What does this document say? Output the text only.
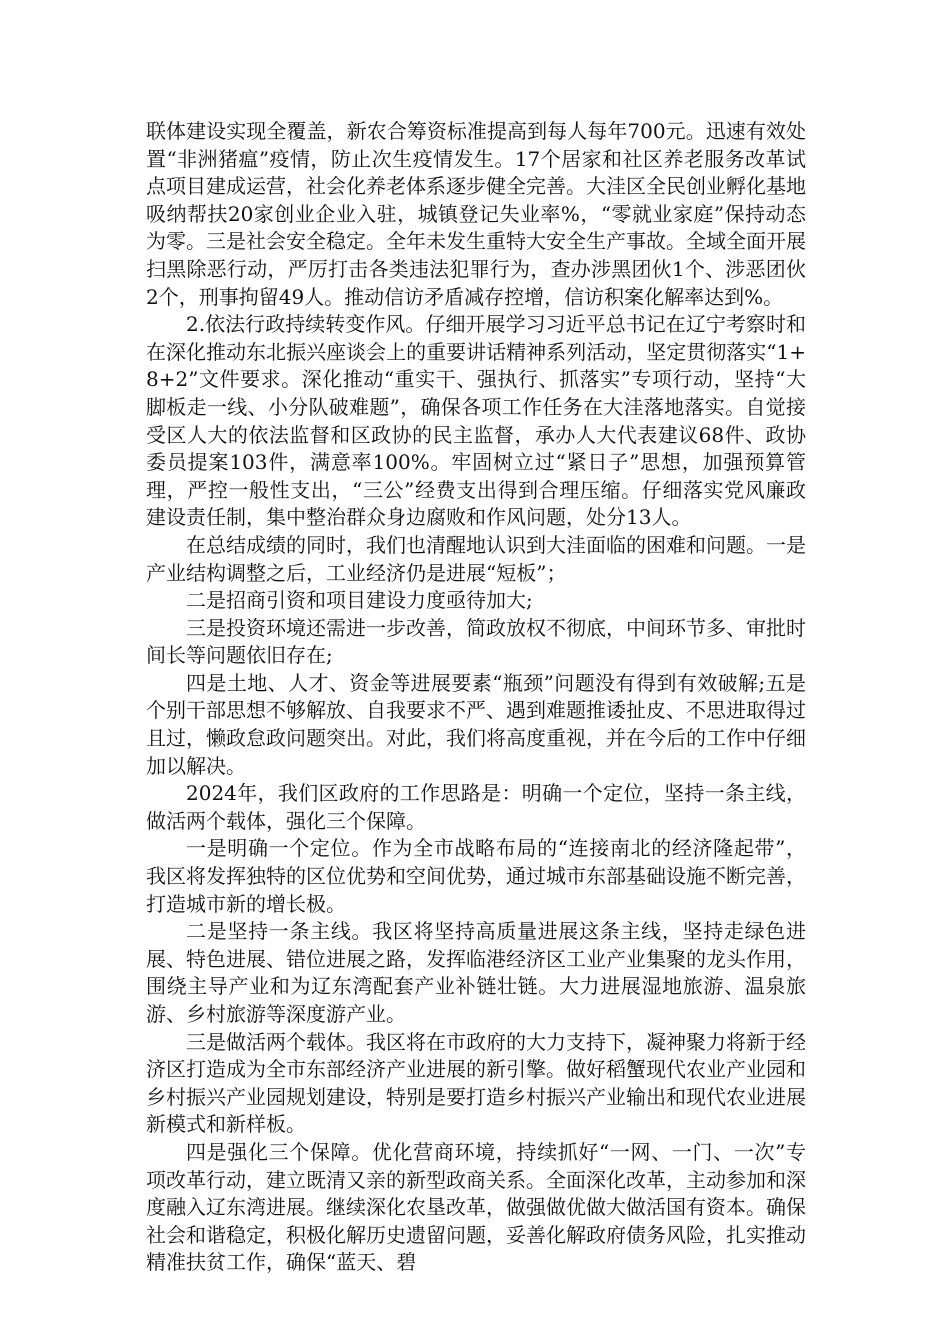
联体建设实现全覆盖，新农合筹资标准提高到每人每年700元。迅速有效处置“非洲猪瘟”疫情，防止次生疫情发生。17个居家和社区养老服务改革试点项目建成运营，社会化养老体系逐步健全完善。大洼区全民创业孵化基地吸纳帮扶20家创业企业入驻，城镇登记失业率%，“零就业家庭”保持动态为零。三是社会安全稳定。全年未发生重特大安全生产事故。全域全面开展扫黑除恶行动，严厉打击各类违法犯罪行为，查办涉黑团伙1个、涉恶团伙2个，刑事拘留49人。推动信访矛盾减存控增，信访积案化解率达到%。

2.依法行政持续转变作风。仔细开展学习习近平总书记在辽宁考察时和在深化推动东北振兴座谈会上的重要讲话精神系列活动，坚定贯彻落实“1+8+2”文件要求。深化推动“重实干、强执行、抓落实”专项行动，坚持“大脚板走一线、小分队破难题”，确保各项工作任务在大洼落地落实。自觉接受区人大的依法监督和区政协的民主监督，承办人大代表建议68件、政协委员提案103件，满意率100%。牢固树立过“紧日子”思想，加强预算管理，严控一般性支出，“三公”经费支出得到合理压缩。仔细落实党风廉政建设责任制，集中整治群众身边腐败和作风问题，处分13人。

在总结成绩的同时，我们也清醒地认识到大洼面临的困难和问题。一是产业结构调整之后，工业经济仍是进展“短板”；

二是招商引资和项目建设力度亟待加大;

三是投资环境还需进一步改善，简政放权不彻底，中间环节多、审批时间长等问题依旧存在;

四是土地、人才、资金等进展要素“瓶颈”问题没有得到有效破解;五是个别干部思想不够解放、自我要求不严、遇到难题推诿扯皮、不思进取得过且过，懒政怠政问题突出。对此，我们将高度重视，并在今后的工作中仔细加以解决。

2024年，我们区政府的工作思路是：明确一个定位，坚持一条主线，做活两个载体，强化三个保障。

一是明确一个定位。作为全市战略布局的“连接南北的经济隆起带”，我区将发挥独特的区位优势和空间优势，通过城市东部基础设施不断完善，打造城市新的增长极。

二是坚持一条主线。我区将坚持高质量进展这条主线，坚持走绿色进展、特色进展、错位进展之路，发挥临港经济区工业产业集聚的龙头作用，围绕主导产业和为辽东湾配套产业补链壮链。大力进展湿地旅游、温泉旅游、乡村旅游等深度游产业。

三是做活两个载体。我区将在市政府的大力支持下，凝神聚力将新于经济区打造成为全市东部经济产业进展的新引擎。做好稻蟹现代农业产业园和乡村振兴产业园规划建设，特别是要打造乡村振兴产业输出和现代农业进展新模式和新样板。

四是强化三个保障。优化营商环境，持续抓好“一网、一门、一次”专项改革行动，建立既清又亲的新型政商关系。全面深化改革，主动参加和深度融入辽东湾进展。继续深化农垦改革，做强做优做大做活国有资本。确保社会和谐稳定，积极化解历史遗留问题，妥善化解政府债务风险，扎实推动精准扶贫工作，确保“蓝天、碧
